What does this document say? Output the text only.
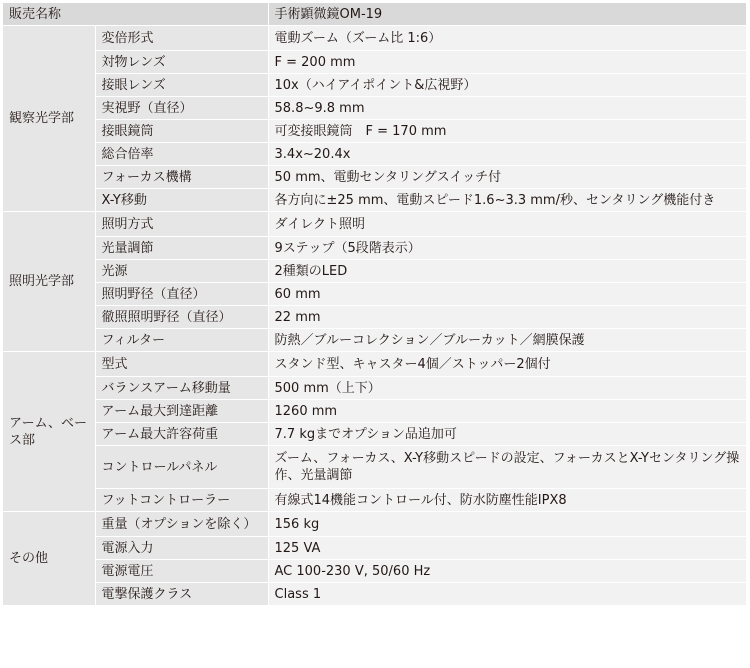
販売名称		手術顕微鏡OM-19
観察光学部	変倍形式	電動ズーム（ズーム比 1:6）
	対物レンズ	F = 200 mm
	接眼レンズ	10x（ハイアイポイント&広視野）
	実視野（直径）	58.8~9.8 mm
	接眼鏡筒	可変接眼鏡筒　F = 170 mm
	総合倍率	3.4x~20.4x
	フォーカス機構	50 mm、電動センタリングスイッチ付
	X-Y移動	各方向に±25 mm、電動スピード1.6~3.3 mm/秒、センタリング機能付き
照明光学部	照明方式	ダイレクト照明
	光量調節	9ステップ（5段階表示）
	光源	2種類のLED
	照明野径（直径）	60 mm
	徹照照明野径（直径）	22 mm
	フィルター	防熱／ブルーコレクション／ブルーカット／網膜保護
アーム、ベース部	型式	スタンド型、キャスター4個／ストッパー2個付
	バランスアーム移動量	500 mm（上下）
	アーム最大到達距離	1260 mm
	アーム最大許容荷重	7.7 kgまでオプション品追加可
	コントロールパネル	ズーム、フォーカス、X-Y移動スピードの設定、フォーカスとX-Yセンタリング操作、光量調節
	フットコントローラー	有線式14機能コントロール付、防水防塵性能IPX8
その他	重量（オプションを除く）	156 kg
	電源入力	125 VA
	電源電圧	AC 100-230 V, 50/60 Hz
	電撃保護クラス	Class 1
